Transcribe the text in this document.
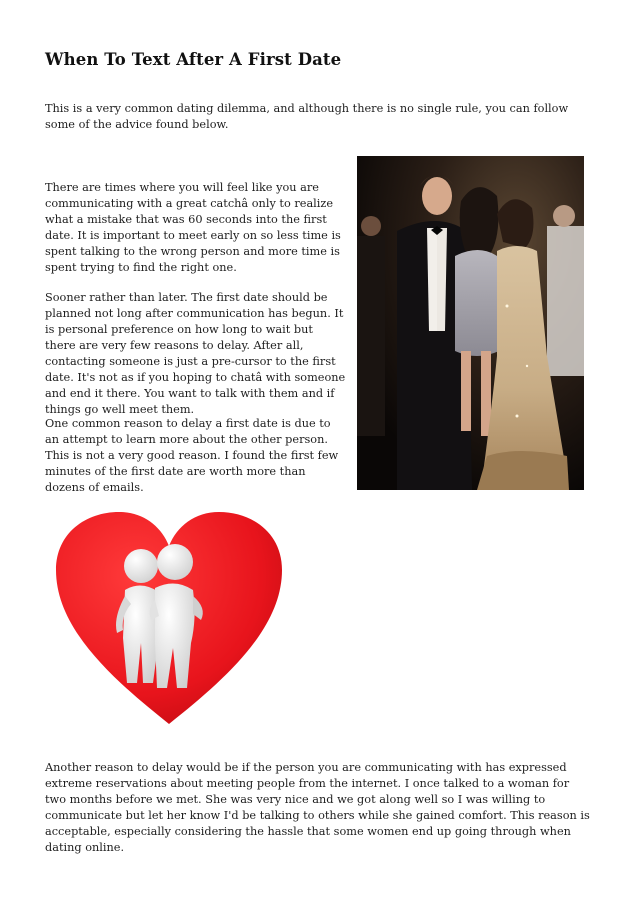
When To Text After A First Date

This is a very common dating dilemma, and although there is no single rule, you can follow some of the advice found below.

There are times where you will feel like you are communicating with a great catchâ only to realize what a mistake that was 60 seconds into the first date. It is important to meet early on so less time is spent talking to the wrong person and more time is spent trying to find the right one.

Sooner rather than later. The first date should be planned not long after communication has begun. It is personal preference on how long to wait but there are very few reasons to delay. After all, contacting someone is just a pre-cursor to the first date. It's not as if you hoping to chatâ with someone and end it there. You want to talk with them and if things go well meet them.

One common reason to delay a first date is due to an attempt to learn more about the other person. This is not a very good reason. I found the first few minutes of the first date are worth more than dozens of emails.

Another reason to delay would be if the person you are communicating with has expressed extreme reservations about meeting people from the internet. I once talked to a woman for two months before we met. She was very nice and we got along well so I was willing to communicate but let her know I'd be talking to others while she gained comfort. This reason is acceptable, especially considering the hassle that some women end up going through when dating online.
